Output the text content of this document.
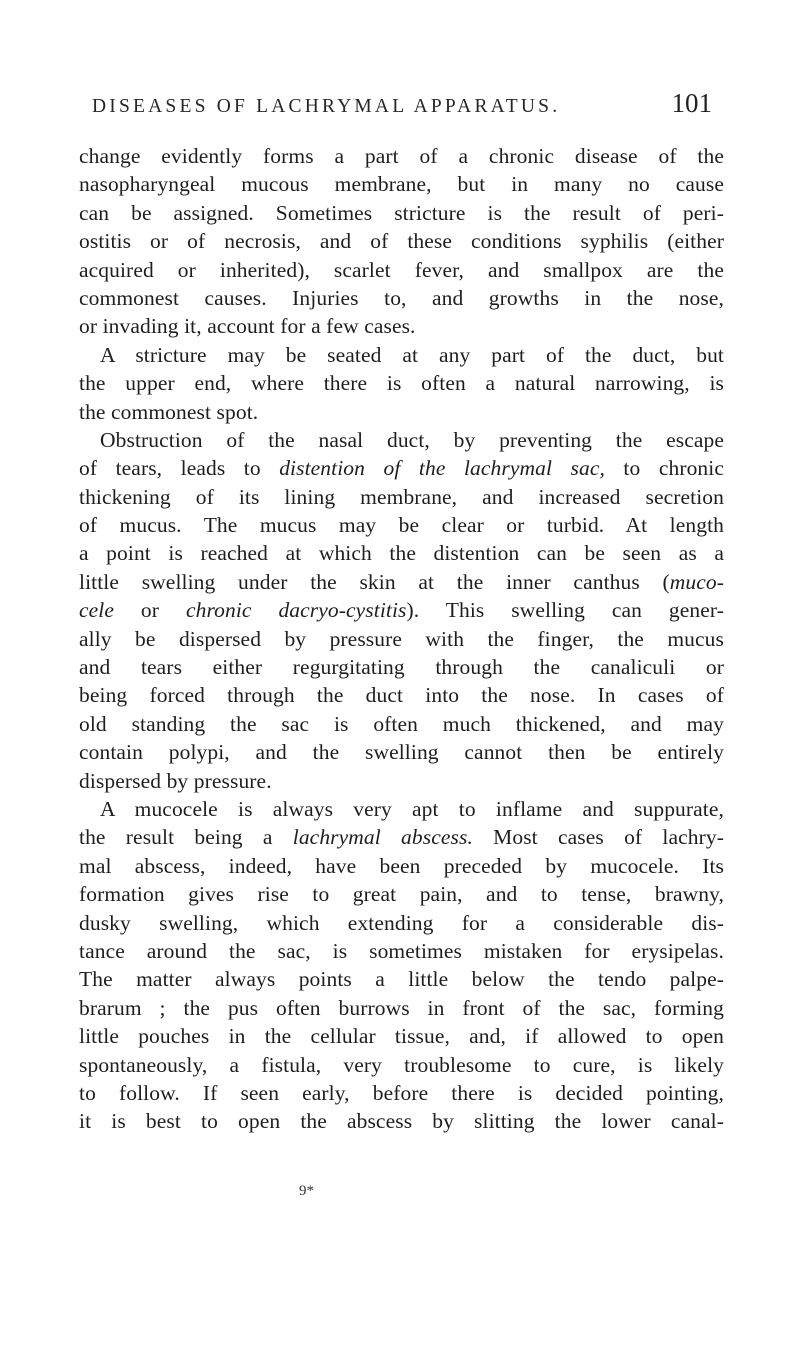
DISEASES OF LACHRYMAL APPARATUS.	101
change evidently forms a part of a chronic disease of the
nasopharyngeal mucous membrane, but in many no cause
can be assigned. Sometimes stricture is the result of peri-
ostitis or of necrosis, and of these conditions syphilis (either
acquired or inherited), scarlet fever, and smallpox are the
commonest causes. Injuries to, and growths in the nose,
or invading it, account for a few cases.
A stricture may be seated at any part of the duct, but
the upper end, where there is often a natural narrowing, is
the commonest spot.
Obstruction of the nasal duct, by preventing the escape
of tears, leads to distention of the lachrymal sac, to chronic
thickening of its lining membrane, and increased secretion
of mucus. The mucus may be clear or turbid. At length
a point is reached at which the distention can be seen as a
little swelling under the skin at the inner canthus (muco-
cele or chronic dacryo-cystitis). This swelling can gener-
ally be dispersed by pressure with the finger, the mucus
and tears either regurgitating through the canaliculi or
being forced through the duct into the nose. In cases of
old standing the sac is often much thickened, and may
contain polypi, and the swelling cannot then be entirely
dispersed by pressure.
A mucocele is always very apt to inflame and suppurate,
the result being a lachrymal abscess. Most cases of lachry-
mal abscess, indeed, have been preceded by mucocele. Its
formation gives rise to great pain, and to tense, brawny,
dusky swelling, which extending for a considerable dis-
tance around the sac, is sometimes mistaken for erysipelas.
The matter always points a little below the tendo palpe-
brarum ; the pus often burrows in front of the sac, forming
little pouches in the cellular tissue, and, if allowed to open
spontaneously, a fistula, very troublesome to cure, is likely
to follow. If seen early, before there is decided pointing,
it is best to open the abscess by slitting the lower canal-
9*
